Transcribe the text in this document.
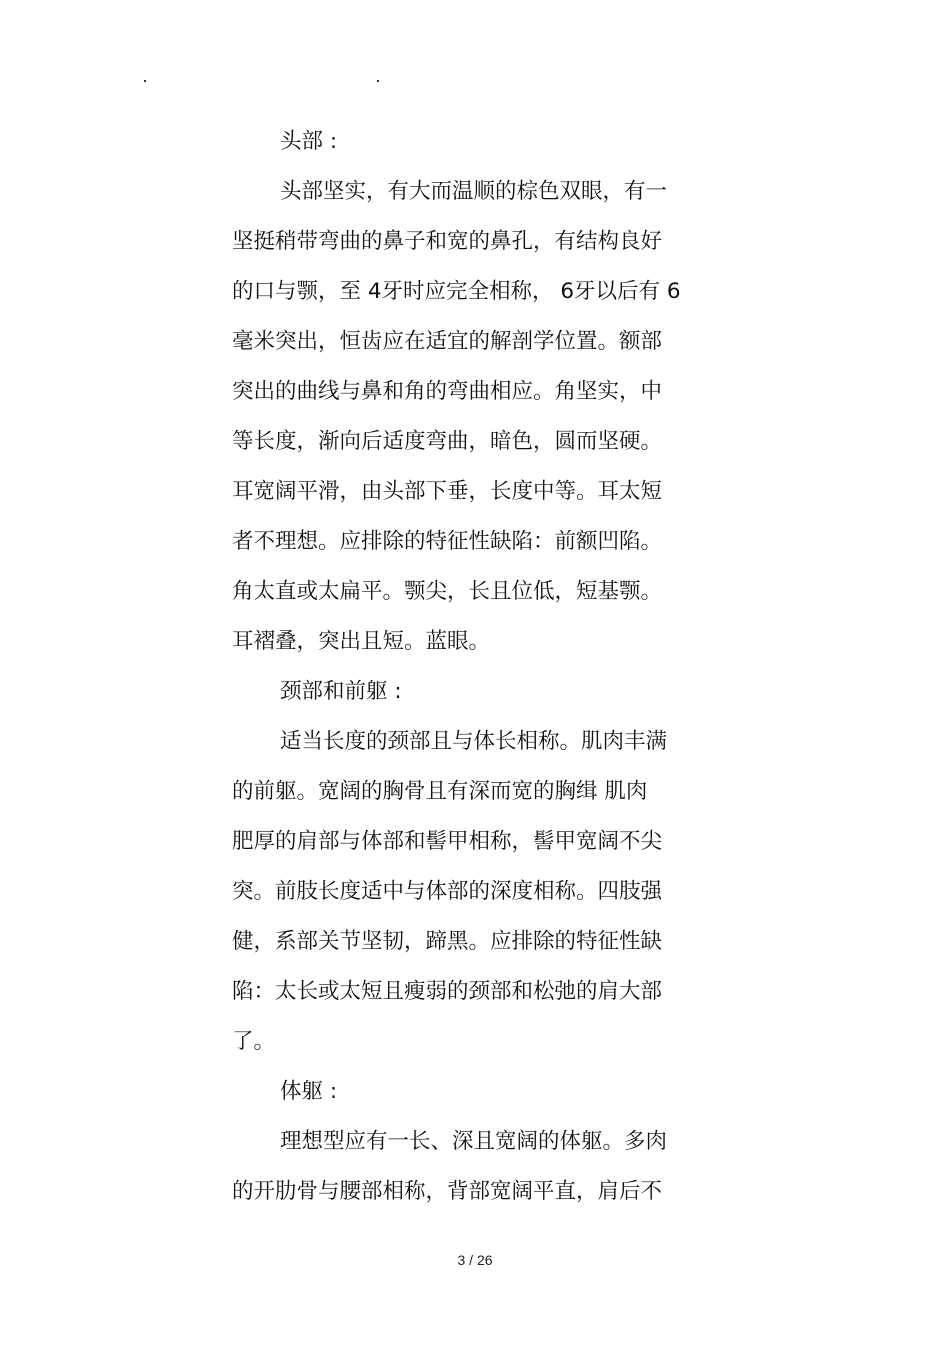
头部 :
头部坚实，有大而温顺的棕色双眼，有一
坚挺稍带弯曲的鼻子和宽的鼻孔，有结构良好
的口与颚，至 4牙时应完全相称， 6牙以后有 6
毫米突出，恒齿应在适宜的解剖学位置。额部
突出的曲线与鼻和角的弯曲相应。角坚实，中
等长度，渐向后适度弯曲，暗色，圆而坚硬。
耳宽阔平滑，由头部下垂，长度中等。耳太短
者不理想。应排除的特征性缺陷：前额凹陷。
角太直或太扁平。颚尖，长且位低，短基颚。
耳褶叠，突出且短。蓝眼。
颈部和前躯 :
适当长度的颈部且与体长相称。肌肉丰满
的前躯。宽阔的胸骨且有深而宽的胸缉 肌肉
肥厚的肩部与体部和髻甲相称，髻甲宽阔不尖
突。前肢长度适中与体部的深度相称。四肢强
健，系部关节坚韧，蹄黑。应排除的特征性缺
陷：太长或太短且瘦弱的颈部和松弛的肩大部
了。
体躯 :
理想型应有一长、深且宽阔的体躯。多肉
的开肋骨与腰部相称，背部宽阔平直，肩后不
3 / 26
